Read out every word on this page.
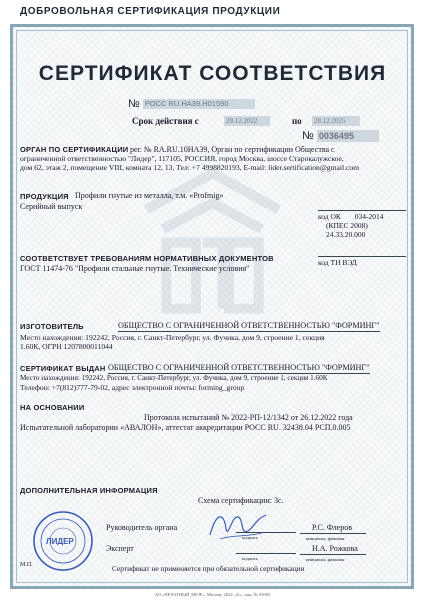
ДОБРОВОЛЬНАЯ СЕРТИФИКАЦИЯ ПРОДУКЦИИ
СЕРТИФИКАТ СООТВЕТСТВИЯ
№ РОСС RU.НА39.Н01590
Срок действия с	29.12.2022	по 28.12.2025
№ 0036495
ОРГАН ПО СЕРТИФИКАЦИИ рег. № RA.RU.10НА39, Орган по сертификации Общества с
ограниченной ответственностью "Лидер", 117105, РОССИЯ, город Москва, шоссе Старокалужское,
дом 62, этаж 2, помещение VIII, комната 12, 13, Тел: +7 4998820193, E-mail: lider.sertification@gmail.com
ПРОДУКЦИЯ Профили гнутые из металла, т.м. «Profmig»
Серийный выпуск
код ОК 034-2014
(КПЕС 2008)
24.33.20.000
СООТВЕТСТВУЕТ ТРЕБОВАНИЯМ НОРМАТИВНЫХ ДОКУМЕНТОВ
ГОСТ 11474-76 "Профили стальные гнутые. Технические условия"
код ТН ВЭД
ИЗГОТОВИТЕЛЬ	ОБЩЕСТВО С ОГРАНИЧЕННОЙ ОТВЕТСТВЕННОСТЬЮ "ФОРМИНГ"
Место нахождения: 192242, Россия, г. Санкт-Петербург, ул. Фучика, дом 9, строение 1, секция
1.60К, ОГРН 1207800011044
СЕРТИФИКАТ ВЫДАН ОБЩЕСТВО С ОГРАНИЧЕННОЙ ОТВЕТСТВЕННОСТЬЮ "ФОРМИНГ"
Место нахождения: 192242, Россия, г. Санкт-Петербург, ул. Фучика, дом 9, строение 1, секция 1.60К
Телефон: +7(812)777-79-02, адрес электронной почты: forming_group
НА ОСНОВАНИИ
Протокола испытаний № 2022-РП-12/1342 от 26.12.2022 года
Испытательной лаборатории «АВАЛОН», аттестат аккредитации РОСС RU. 32438.04 РСП.0.005
ДОПОЛНИТЕЛЬНАЯ ИНФОРМАЦИЯ
Схема сертификации: 3с.
Руководитель органа
подпись
Р.С. Флеров
инициалы, фамилия
Эксперт
подпись
Н.А. Рожкова
инициалы, фамилия
Сертификат не применяется при обязательной сертификации
ЛИДЕР
М.П.
АО «ПЕЧАТНЫЙ ДВОР», Москва, 2022, «Б», лиц. № 05095
